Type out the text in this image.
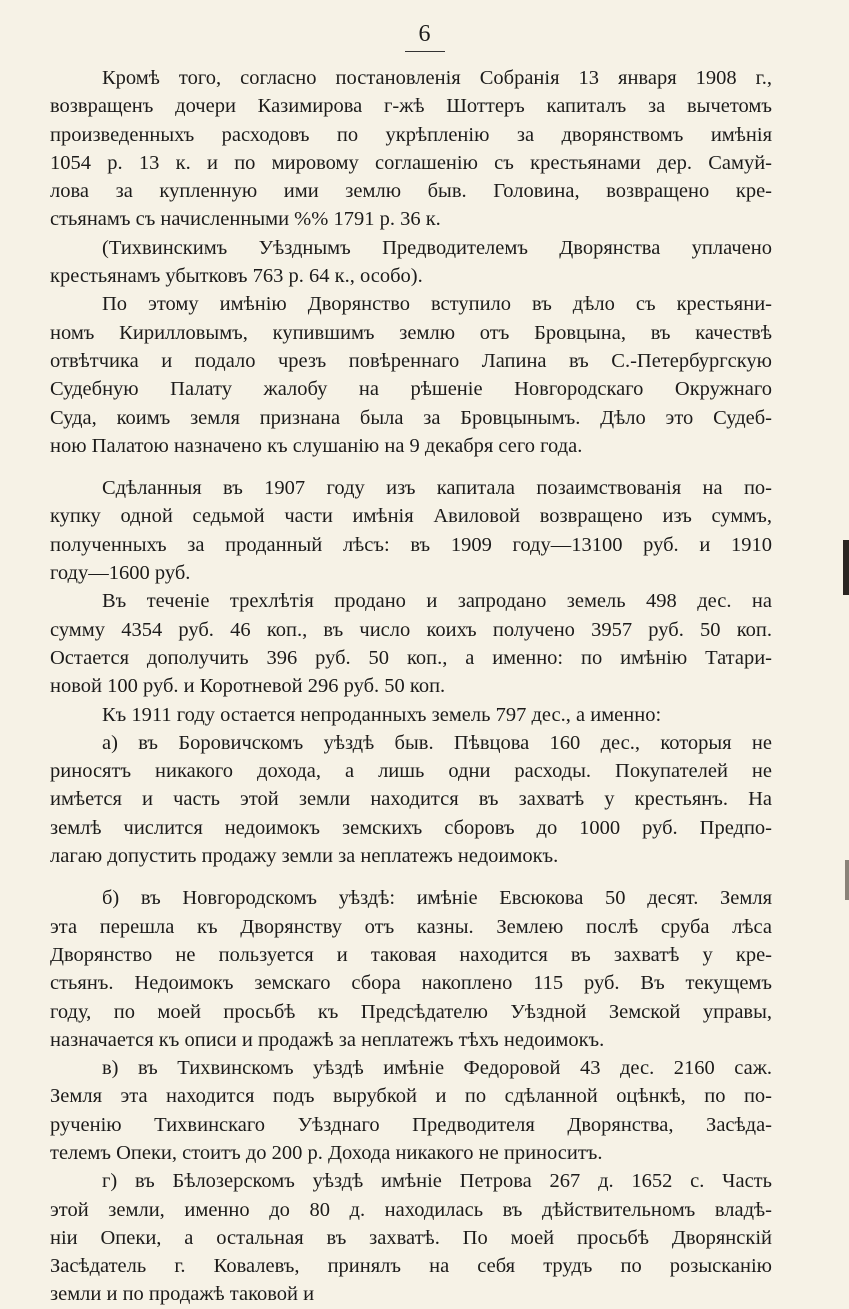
6
Кромѣ того, согласно постановленія Собранія 13 января 1908 г.,
возвращенъ дочери Казимирова г-жѣ Шоттеръ капиталъ за вычетомъ
произведенныхъ расходовъ по укрѣпленію за дворянствомъ имѣнія
1054 р. 13 к. и по мировому соглашенію съ крестьянами дер. Самуй-
лова за купленную ими землю быв. Головина, возвращено кре-
стьянамъ съ начисленными %% 1791 р. 36 к.
(Тихвинскимъ Уѣзднымъ Предводителемъ Дворянства уплачено
крестьянамъ убытковъ 763 р. 64 к., особо).
По этому имѣнію Дворянство вступило въ дѣло съ крестьяни-
номъ Кирилловымъ, купившимъ землю отъ Бровцына, въ качествѣ
отвѣтчика и подало чрезъ повѣреннаго Лапина въ С.-Петербургскую
Судебную Палату жалобу на рѣшеніе Новгородскаго Окружнаго
Суда, коимъ земля признана была за Бровцынымъ. Дѣло это Судеб-
ною Палатою назначено къ слушанію на 9 декабря сего года.
Сдѣланныя въ 1907 году изъ капитала позаимствованія на по-
купку одной седьмой части имѣнія Авиловой возвращено изъ суммъ,
полученныхъ за проданный лѣсъ: въ 1909 году—13100 руб. и 1910
году—1600 руб.
Въ теченіе трехлѣтія продано и запродано земель 498 дес. на
сумму 4354 руб. 46 коп., въ число коихъ получено 3957 руб. 50 коп.
Остается дополучить 396 руб. 50 коп., а именно: по имѣнію Татари-
новой 100 руб. и Коротневой 296 руб. 50 коп.
Къ 1911 году остается непроданныхъ земель 797 дес., а именно:
а) въ Боровичскомъ уѣздѣ быв. Пѣвцова 160 дес., которыя не
риносятъ никакого дохода, а лишь одни расходы. Покупателей не
имѣется и часть этой земли находится въ захватѣ у крестьянъ. На
землѣ числится недоимокъ земскихъ сборовъ до 1000 руб. Предпо-
лагаю допустить продажу земли за неплатежъ недоимокъ.
б) въ Новгородскомъ уѣздѣ: имѣніе Евсюкова 50 десят. Земля
эта перешла къ Дворянству отъ казны. Землею послѣ сруба лѣса
Дворянство не пользуется и таковая находится въ захватѣ у кре-
стьянъ. Недоимокъ земскаго сбора накоплено 115 руб. Въ текущемъ
году, по моей просьбѣ къ Предсѣдателю Уѣздной Земской управы,
назначается къ описи и продажѣ за неплатежъ тѣхъ недоимокъ.
в) въ Тихвинскомъ уѣздѣ имѣніе Федоровой 43 дес. 2160 саж.
Земля эта находится подъ вырубкой и по сдѣланной оцѣнкѣ, по по-
рученію Тихвинскаго Уѣзднаго Предводителя Дворянства, Засѣда-
телемъ Опеки, стоитъ до 200 р. Дохода никакого не приноситъ.
г) въ Бѣлозерскомъ уѣздѣ имѣніе Петрова 267 д. 1652 с. Часть
этой земли, именно до 80 д. находилась въ дѣйствительномъ владѣ-
ніи Опеки, а остальная въ захватѣ. По моей просьбѣ Дворянскій
Засѣдатель г. Ковалевъ, принялъ на себя трудъ по розысканію
земли и по продажѣ таковой и
